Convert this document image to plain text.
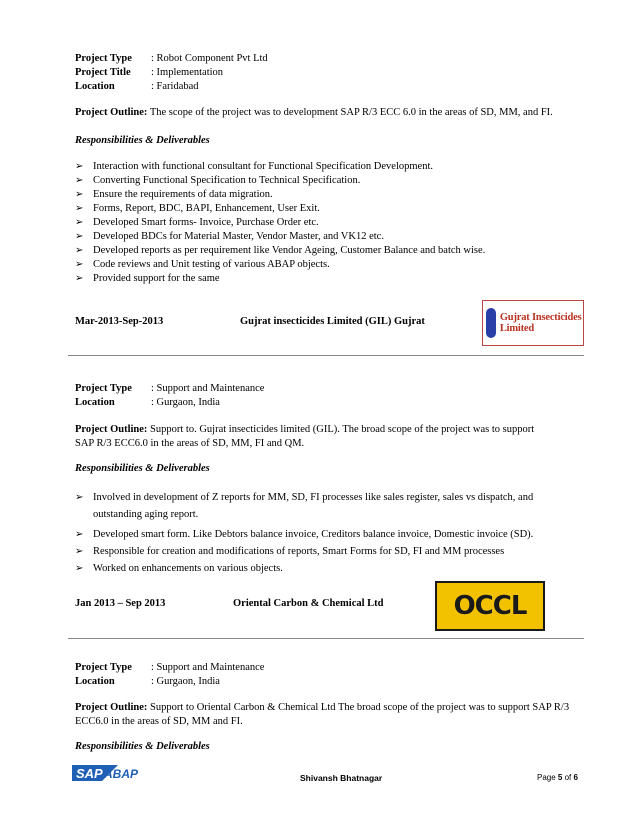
Project Type : Robot Component Pvt Ltd
Project Title : Implementation
Location	: Faridabad
Project Outline: The scope of the project was to development SAP R/3 ECC 6.0 in the areas of SD, MM, and FI.
Responsibilities & Deliverables
➢ Interaction with functional consultant for Functional Specification Development.
➢ Converting Functional Specification to Technical Specification.
➢ Ensure the requirements of data migration.
➢ Forms, Report, BDC, BAPI, Enhancement, User Exit.
➢ Developed Smart forms- Invoice, Purchase Order etc.
➢ Developed BDCs for Material Master, Vendor Master, and VK12 etc.
➢ Developed reports as per requirement like Vendor Ageing, Customer Balance and batch wise.
➢ Code reviews and Unit testing of various ABAP objects.
➢ Provided support for the same
Mar-2013-Sep-2013	Gujrat insecticides Limited (GIL) Gujrat	Gujrat Insecticides Limited
Project Type : Support and Maintenance
Location	: Gurgaon, India
Project Outline: Support to. Gujrat insecticides limited (GIL). The broad scope of the project was to support SAP R/3 ECC6.0 in the areas of SD, MM, FI and QM.
Responsibilities & Deliverables
➢ Involved in development of Z reports for MM, SD, FI processes like sales register, sales vs dispatch, and outstanding aging report.
➢ Developed smart form. Like Debtors balance invoice, Creditors balance invoice, Domestic invoice (SD).
➢ Responsible for creation and modifications of reports, Smart Forms for SD, FI and MM processes
➢ Worked on enhancements on various objects.
Jan 2013 – Sep 2013	Oriental Carbon & Chemical Ltd	OCCL
Project Type : Support and Maintenance
Location	: Gurgaon, India
Project Outline: Support to Oriental Carbon & Chemical Ltd The broad scope of the project was to support SAP R/3 ECC6.0 in the areas of SD, MM and FI.
Responsibilities & Deliverables
SAP ABAP	Shivansh Bhatnagar	Page 5 of 6
